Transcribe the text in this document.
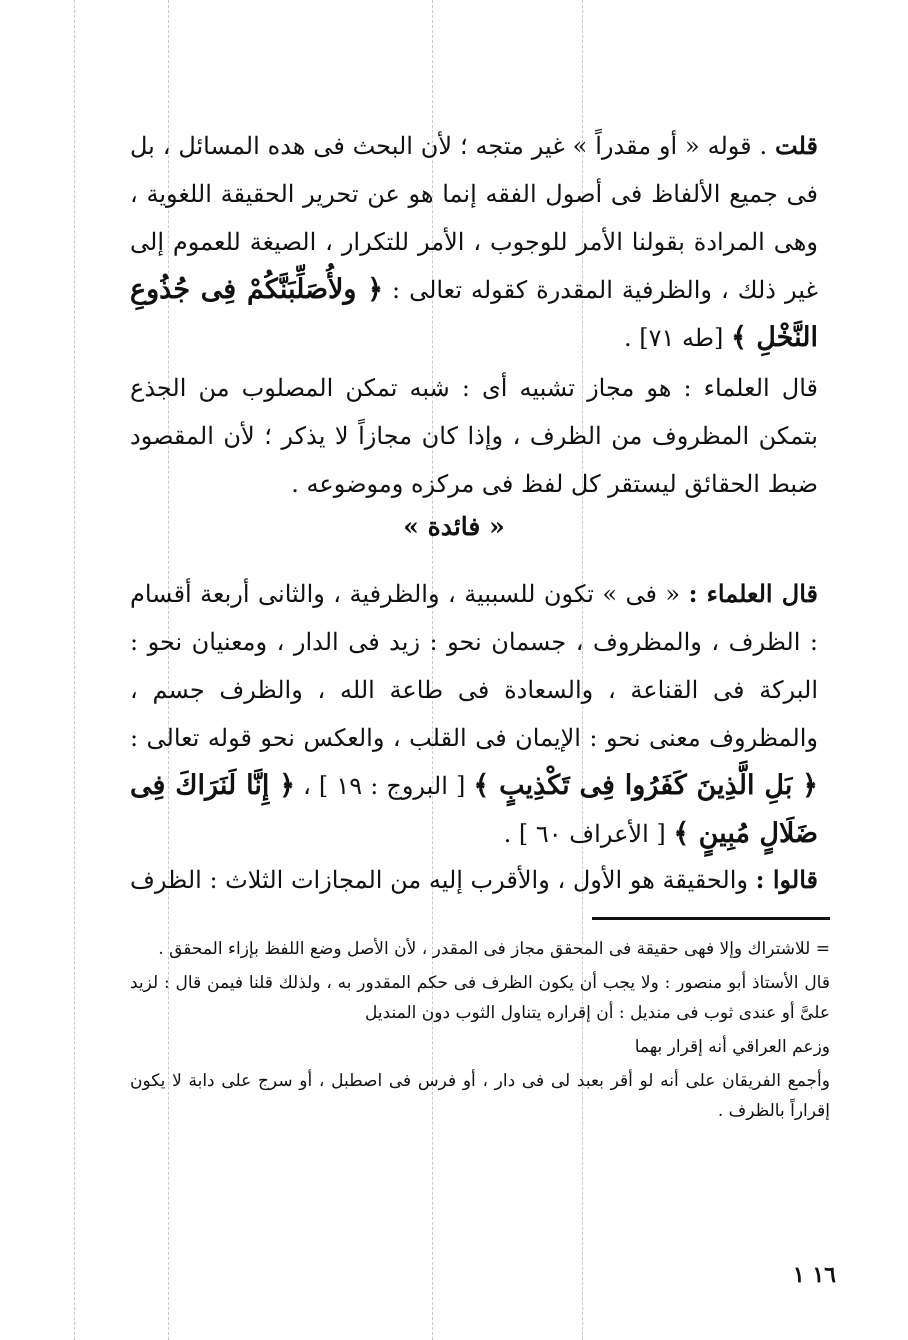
قلت . قوله « أو مقدراً » غير متجه ؛ لأن البحث فى هده المسائل ، بل فى جميع الألفاظ فى أصول الفقه إنما هو عن تحرير الحقيقة اللغوية ، وهى المرادة بقولنا الأمر للوجوب ، الأمر للتكرار ، الصيغة للعموم إلى غير ذلك ، والظرفية المقدرة كقوله تعالى : ﴿ ولأُصَلِّبَنَّكُمْ فِى جُذُوعِ النَّخْلِ ﴾ [طه ٧١] .

قال العلماء : هو مجاز تشبيه أى : شبه تمكن المصلوب من الجذع بتمكن المظروف من الظرف ، وإذا كان مجازاً لا يذكر ؛ لأن المقصود ضبط الحقائق ليستقر كل لفظ فى مركزه وموضوعه .

« فائدة »

قال العلماء : « فى » تكون للسببية ، والظرفية ، والثانى أربعة أقسام : الظرف ، والمظروف ، جسمان نحو : زيد فى الدار ، ومعنيان نحو : البركة فى القناعة ، والسعادة فى طاعة الله ، والظرف جسم ، والمظروف معنى نحو : الإيمان فى القلب ، والعكس نحو قوله تعالى : ﴿ بَلِ الَّذِينَ كَفَرُوا فِى تَكْذِيبٍ ﴾ [ البروج : ١٩ ] ، ﴿ إِنَّا لَنَرَاكَ فِى ضَلَالٍ مُبِينٍ ﴾ [ الأعراف ٦٠ ] .

قالوا : والحقيقة هو الأول ، والأقرب إليه من المجازات الثلاث : الظرف

= للاشتراك وإلا فهى حقيقة فى المحقق مجاز فى المقدر ، لأن الأصل وضع اللفظ بإزاء المحقق .

قال الأستاذ أبو منصور : ولا يجب أن يكون الظرف فى حكم المقدور به ، ولذلك قلنا فيمن قال : لزيد علىَّ أو عندى ثوب فى منديل : أن إقراره يتناول الثوب دون المنديل

وزعم العراقي أنه إقرار بهما

وأجمع الفريقان على أنه لو أقر بعبد لى فى دار ، أو فرس فى اصطبل ، أو سرج على دابة لا يكون إقراراً بالظرف .

١٦ ١
